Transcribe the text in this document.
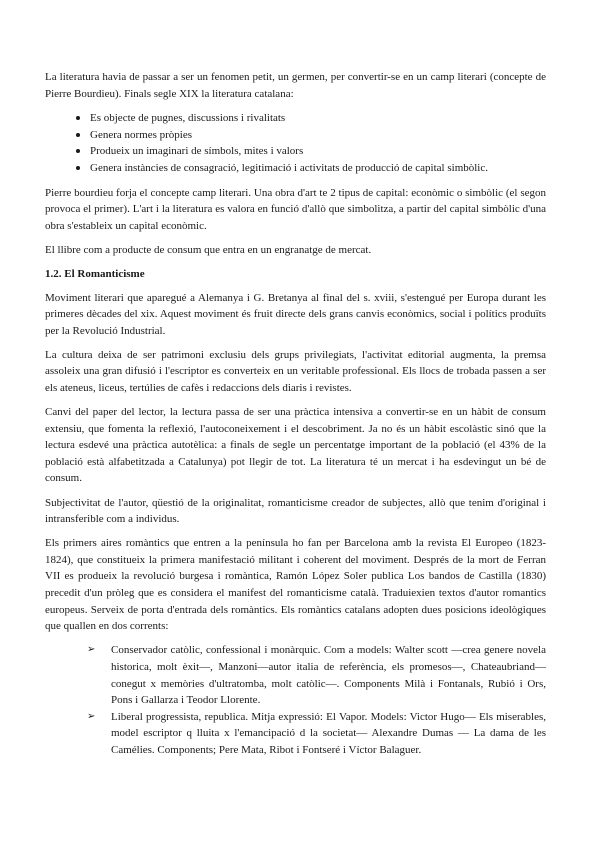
La literatura havia de passar a ser un fenomen petit, un germen, per convertir-se en un camp literari (concepte de Pierre Bourdieu). Finals segle XIX la literatura catalana:

Es objecte de pugnes, discussions i rivalitats
Genera normes pròpies
Produeix un imaginari de símbols, mites i valors
Genera instàncies de consagració, legitimació i activitats de producció de capital simbòlic.

Pierre bourdieu forja el concepte camp literari. Una obra d'art te 2 tipus de capital: econòmic o simbòlic (el segon provoca el primer). L'art i la literatura es valora en funció d'allò que simbolitza, a partir del capital simbòlic d'una obra s'estableix un capital econòmic.

El llibre com a producte de consum que entra en un engranatge de mercat.

1.2. El Romanticisme

Moviment literari que aparegué a Alemanya i G. Bretanya al final del s. xviii, s'estengué per Europa durant les primeres dècades del xix. Aquest moviment és fruit directe dels grans canvis econòmics, social i polítics produïts per la Revolució Industrial.

La cultura deixa de ser patrimoni exclusiu dels grups privilegiats, l'activitat editorial augmenta, la premsa assoleix una gran difusió i l'escriptor es converteix en un veritable professional. Els llocs de trobada passen a ser els ateneus, liceus, tertúlies de cafès i redaccions dels diaris i revistes.

Canvi del paper del lector, la lectura passa de ser una pràctica intensiva a convertir-se en un hàbit de consum extensiu, que fomenta la reflexió, l'autoconeixement i el descobriment. Ja no és un hàbit escolàstic sinó que la lectura esdevé una pràctica autotèlica: a finals de segle un percentatge important de la població (el 43% de la població està alfabetitzada a Catalunya) pot llegir de tot. La literatura té un mercat i ha esdevingut un bé de consum.

Subjectivitat de l'autor, qüestió de la originalitat, romanticisme creador de subjectes, allò que tenim d'original i intransferible com a individus.

Els primers aires romàntics que entren a la península ho fan per Barcelona amb la revista El Europeo (1823-1824), que constitueix la primera manifestació militant i coherent del moviment. Després de la mort de Ferran VII es produeix la revolució burgesa i romàntica, Ramón López Soler publica Los bandos de Castilla (1830) precedit d'un pròleg que es considera el manifest del romanticisme català. Traduiexien textos d'autor romantics europeus. Serveix de porta d'entrada dels romàntics. Els romàntics catalans adopten dues posicions ideològiques que quallen en dos corrents:

➢ Conservador catòlic, confessional i monàrquic. Com a models: Walter scott —crea genere novela historica, molt èxit—, Manzoni—autor italia de referència, els promesos—, Chateaubriand—conegut x memòries d'ultratomba, molt catòlic—. Components Milà i Fontanals, Rubió i Ors, Pons i Gallarza i Teodor Llorente.
➢ Liberal progressista, republica. Mitja expressió: El Vapor. Models: Victor Hugo— Els miserables, model escriptor q lluita x l'emancipació d la societat— Alexandre Dumas — La dama de les Camélies. Components; Pere Mata, Ribot i Fontseré i Víctor Balaguer.
